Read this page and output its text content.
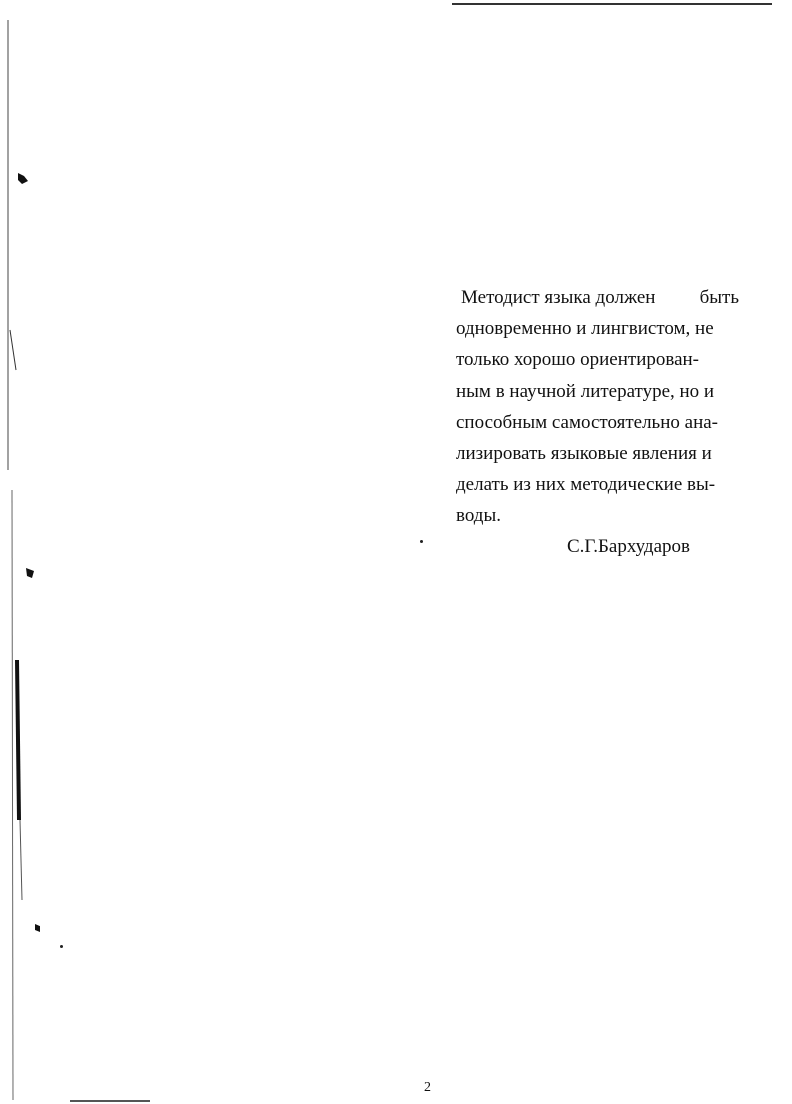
Методист языка должен быть
одновременно и лингвистом, не
только хорошо ориентирован-
ным в научной литературе, но и
способным самостоятельно ана-
лизировать языковые явления и
делать из них методические вы-
воды.
С.Г.Бархударов
2
